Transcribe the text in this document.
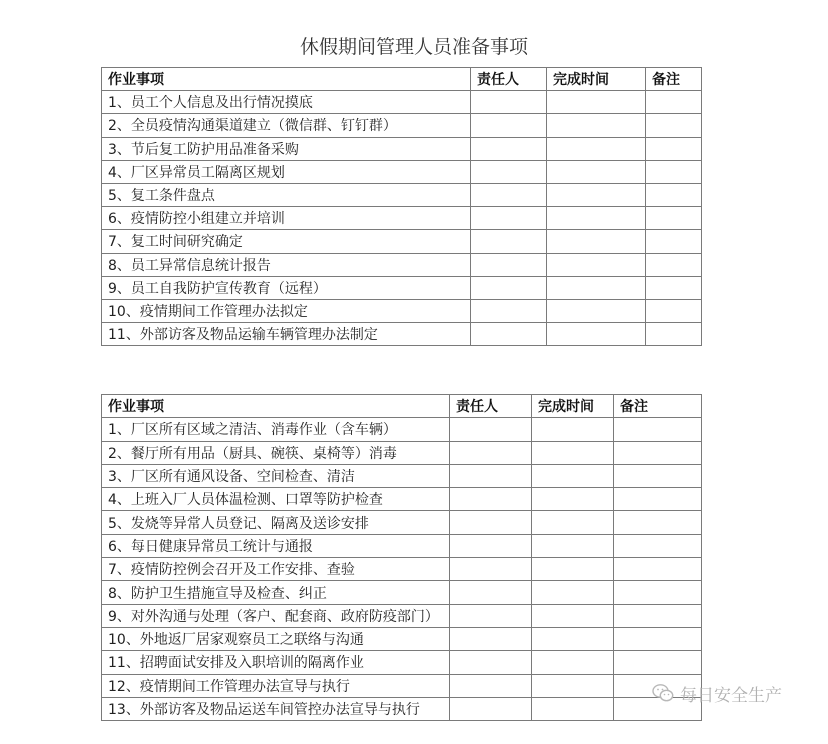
休假期间管理人员准备事项
作业事项	责任人	完成时间	备注
1、员工个人信息及出行情况摸底			
2、全员疫情沟通渠道建立（微信群、钉钉群）			
3、节后复工防护用品准备采购			
4、厂区异常员工隔离区规划			
5、复工条件盘点			
6、疫情防控小组建立并培训			
7、复工时间研究确定			
8、员工异常信息统计报告			
9、员工自我防护宣传教育（远程）			
10、疫情期间工作管理办法拟定			
11、外部访客及物品运输车辆管理办法制定			
作业事项	责任人	完成时间	备注
1、厂区所有区域之清洁、消毒作业（含车辆）			
2、餐厅所有用品（厨具、碗筷、桌椅等）消毒			
3、厂区所有通风设备、空间检查、清洁			
4、上班入厂人员体温检测、口罩等防护检查			
5、发烧等异常人员登记、隔离及送诊安排			
6、每日健康异常员工统计与通报			
7、疫情防控例会召开及工作安排、查验			
8、防护卫生措施宣导及检查、纠正			
9、对外沟通与处理（客户、配套商、政府防疫部门）			
10、外地返厂居家观察员工之联络与沟通			
11、招聘面试安排及入职培训的隔离作业			
12、疫情期间工作管理办法宣导与执行			
13、外部访客及物品运送车间管控办法宣导与执行			
每日安全生产
